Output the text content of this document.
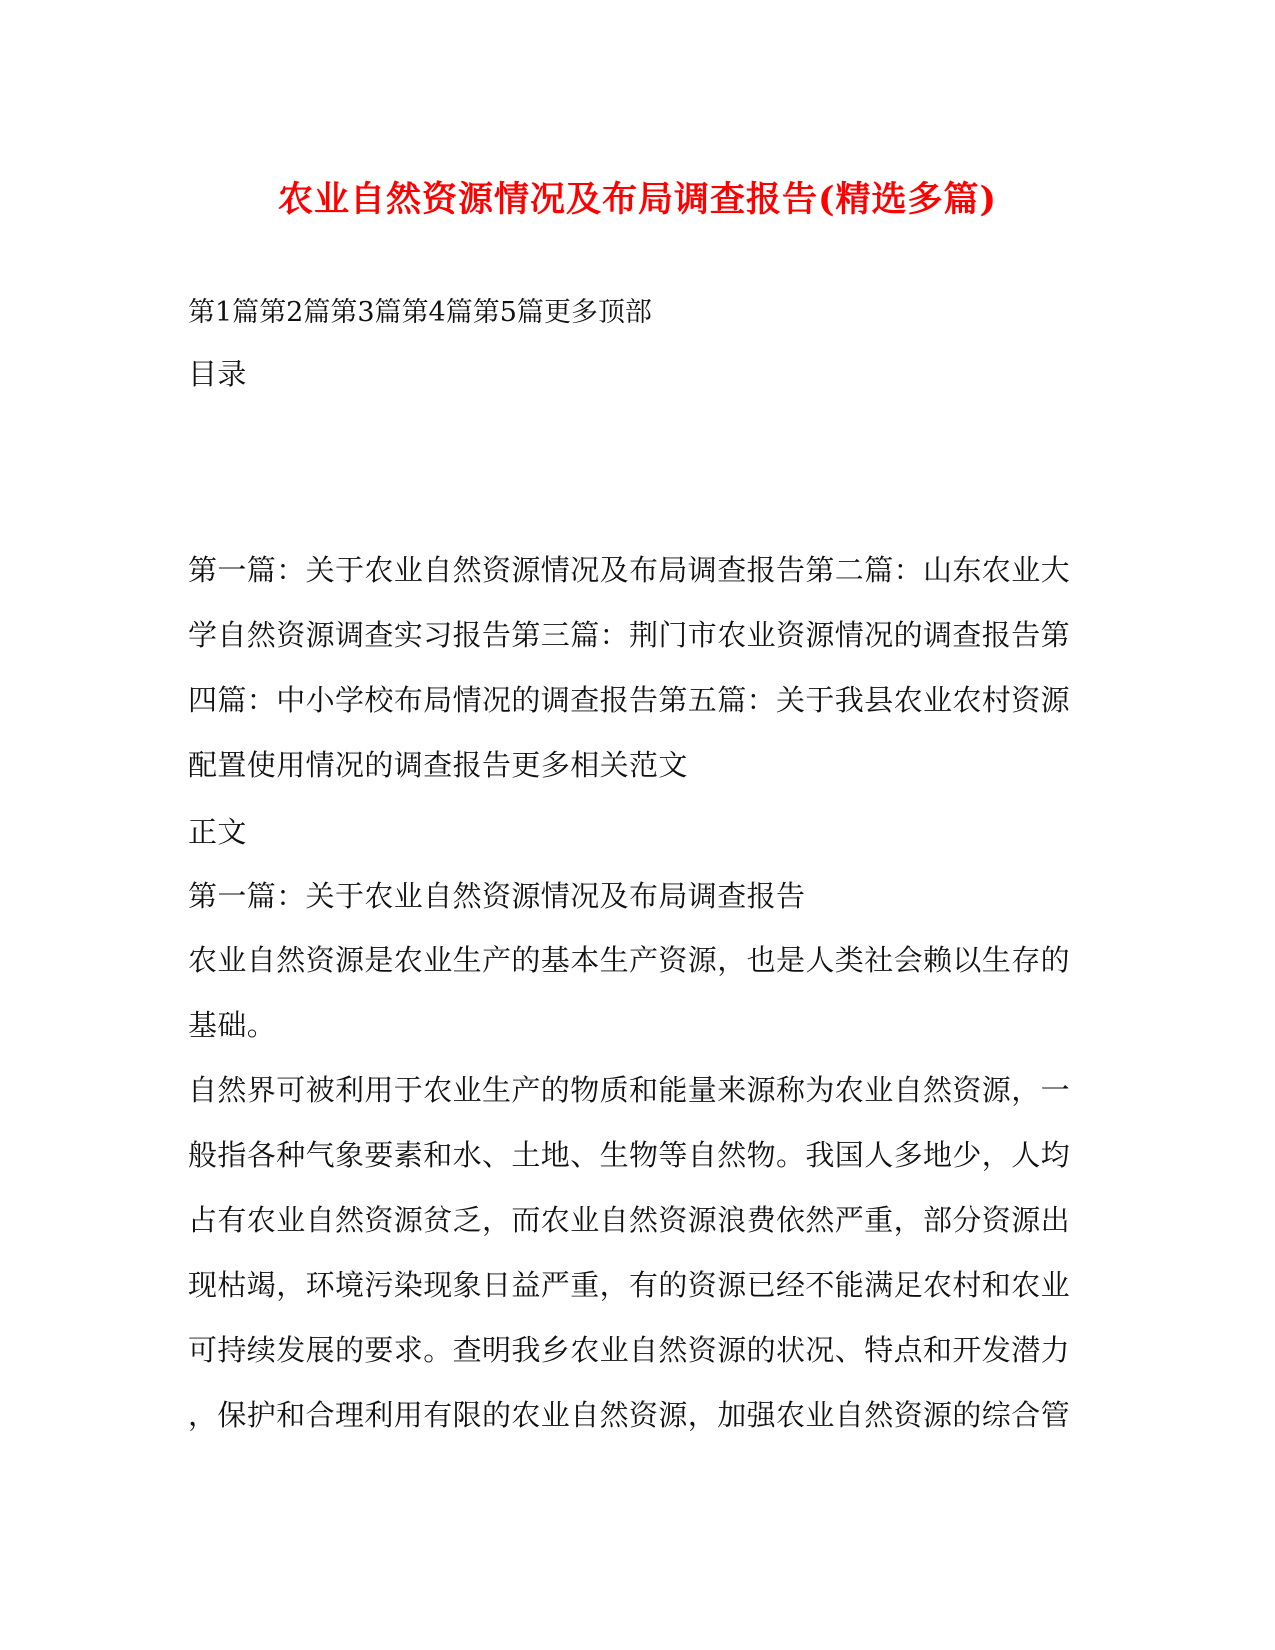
农业自然资源情况及布局调查报告(精选多篇)
第1篇第2篇第3篇第4篇第5篇更多顶部
目录
第一篇：关于农业自然资源情况及布局调查报告第二篇：山东农业大
学自然资源调查实习报告第三篇：荆门市农业资源情况的调查报告第
四篇：中小学校布局情况的调查报告第五篇：关于我县农业农村资源
配置使用情况的调查报告更多相关范文
正文
第一篇：关于农业自然资源情况及布局调查报告
农业自然资源是农业生产的基本生产资源，也是人类社会赖以生存的
基础。
自然界可被利用于农业生产的物质和能量来源称为农业自然资源，一
般指各种气象要素和水、土地、生物等自然物。我国人多地少，人均
占有农业自然资源贫乏，而农业自然资源浪费依然严重，部分资源出
现枯竭，环境污染现象日益严重，有的资源已经不能满足农村和农业
可持续发展的要求。查明我乡农业自然资源的状况、特点和开发潜力
，保护和合理利用有限的农业自然资源，加强农业自然资源的综合管
